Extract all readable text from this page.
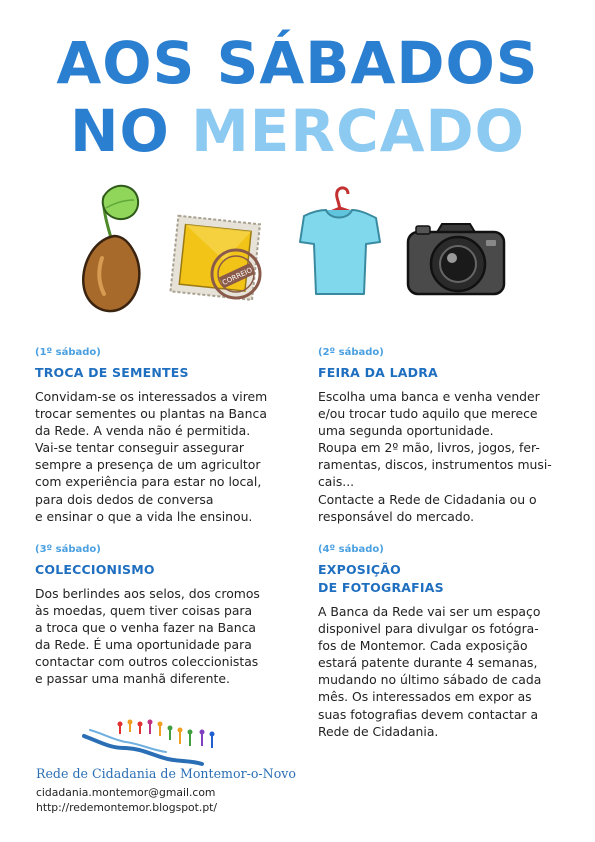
AOS SÁBADOS
NO MERCADO
CORREIO
(1º sábado)
TROCA DE SEMENTES

Convidam-se os interessados a virem
trocar sementes ou plantas na Banca
da Rede. A venda não é permitida.
Vai-se tentar conseguir assegurar
sempre a presença de um agricultor
com experiência para estar no local,
para dois dedos de conversa
e ensinar o que a vida lhe ensinou.

(2º sábado)
FEIRA DA LADRA

Escolha uma banca e venha vender
e/ou trocar tudo aquilo que merece
uma segunda oportunidade.
Roupa em 2º mão, livros, jogos, fer-
ramentas, discos, instrumentos musi-
cais...
Contacte a Rede de Cidadania ou o
responsável do mercado.

(3º sábado)
COLECCIONISMO

Dos berlindes aos selos, dos cromos
às moedas, quem tiver coisas para
a troca que o venha fazer na Banca
da Rede. É uma oportunidade para
contactar com outros coleccionistas
e passar uma manhã diferente.

(4º sábado)
EXPOSIÇÃO
DE FOTOGRAFIAS

A Banca da Rede vai ser um espaço
disponivel para divulgar os fotógra-
fos de Montemor. Cada exposição
estará patente durante 4 semanas,
mudando no último sábado de cada
mês. Os interessados em expor as
suas fotografias devem contactar a
Rede de Cidadania.

Rede de Cidadania de Montemor-o-Novo
cidadania.montemor@gmail.com
http://redemontemor.blogspot.pt/
